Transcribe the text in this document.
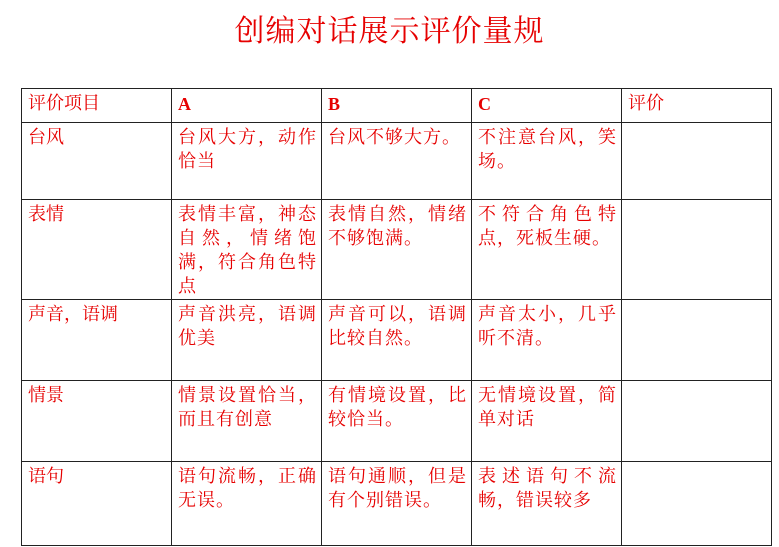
创编对话展示评价量规
评价项目	A	B	C	评价
台风	台风大方，动作恰当	台风不够大方。	不注意台风，笑场。	
表情	表情丰富，神态自然，情绪饱满，符合角色特点	表情自然，情绪不够饱满。	不符合角色特点，死板生硬。	
声音，语调	声音洪亮，语调优美	声音可以，语调比较自然。	声音太小，几乎听不清。	
情景	情景设置恰当，而且有创意	有情境设置，比较恰当。	无情境设置，简单对话	
语句	语句流畅，正确无误。	语句通顺，但是有个别错误。	表述语句不流畅，错误较多	
